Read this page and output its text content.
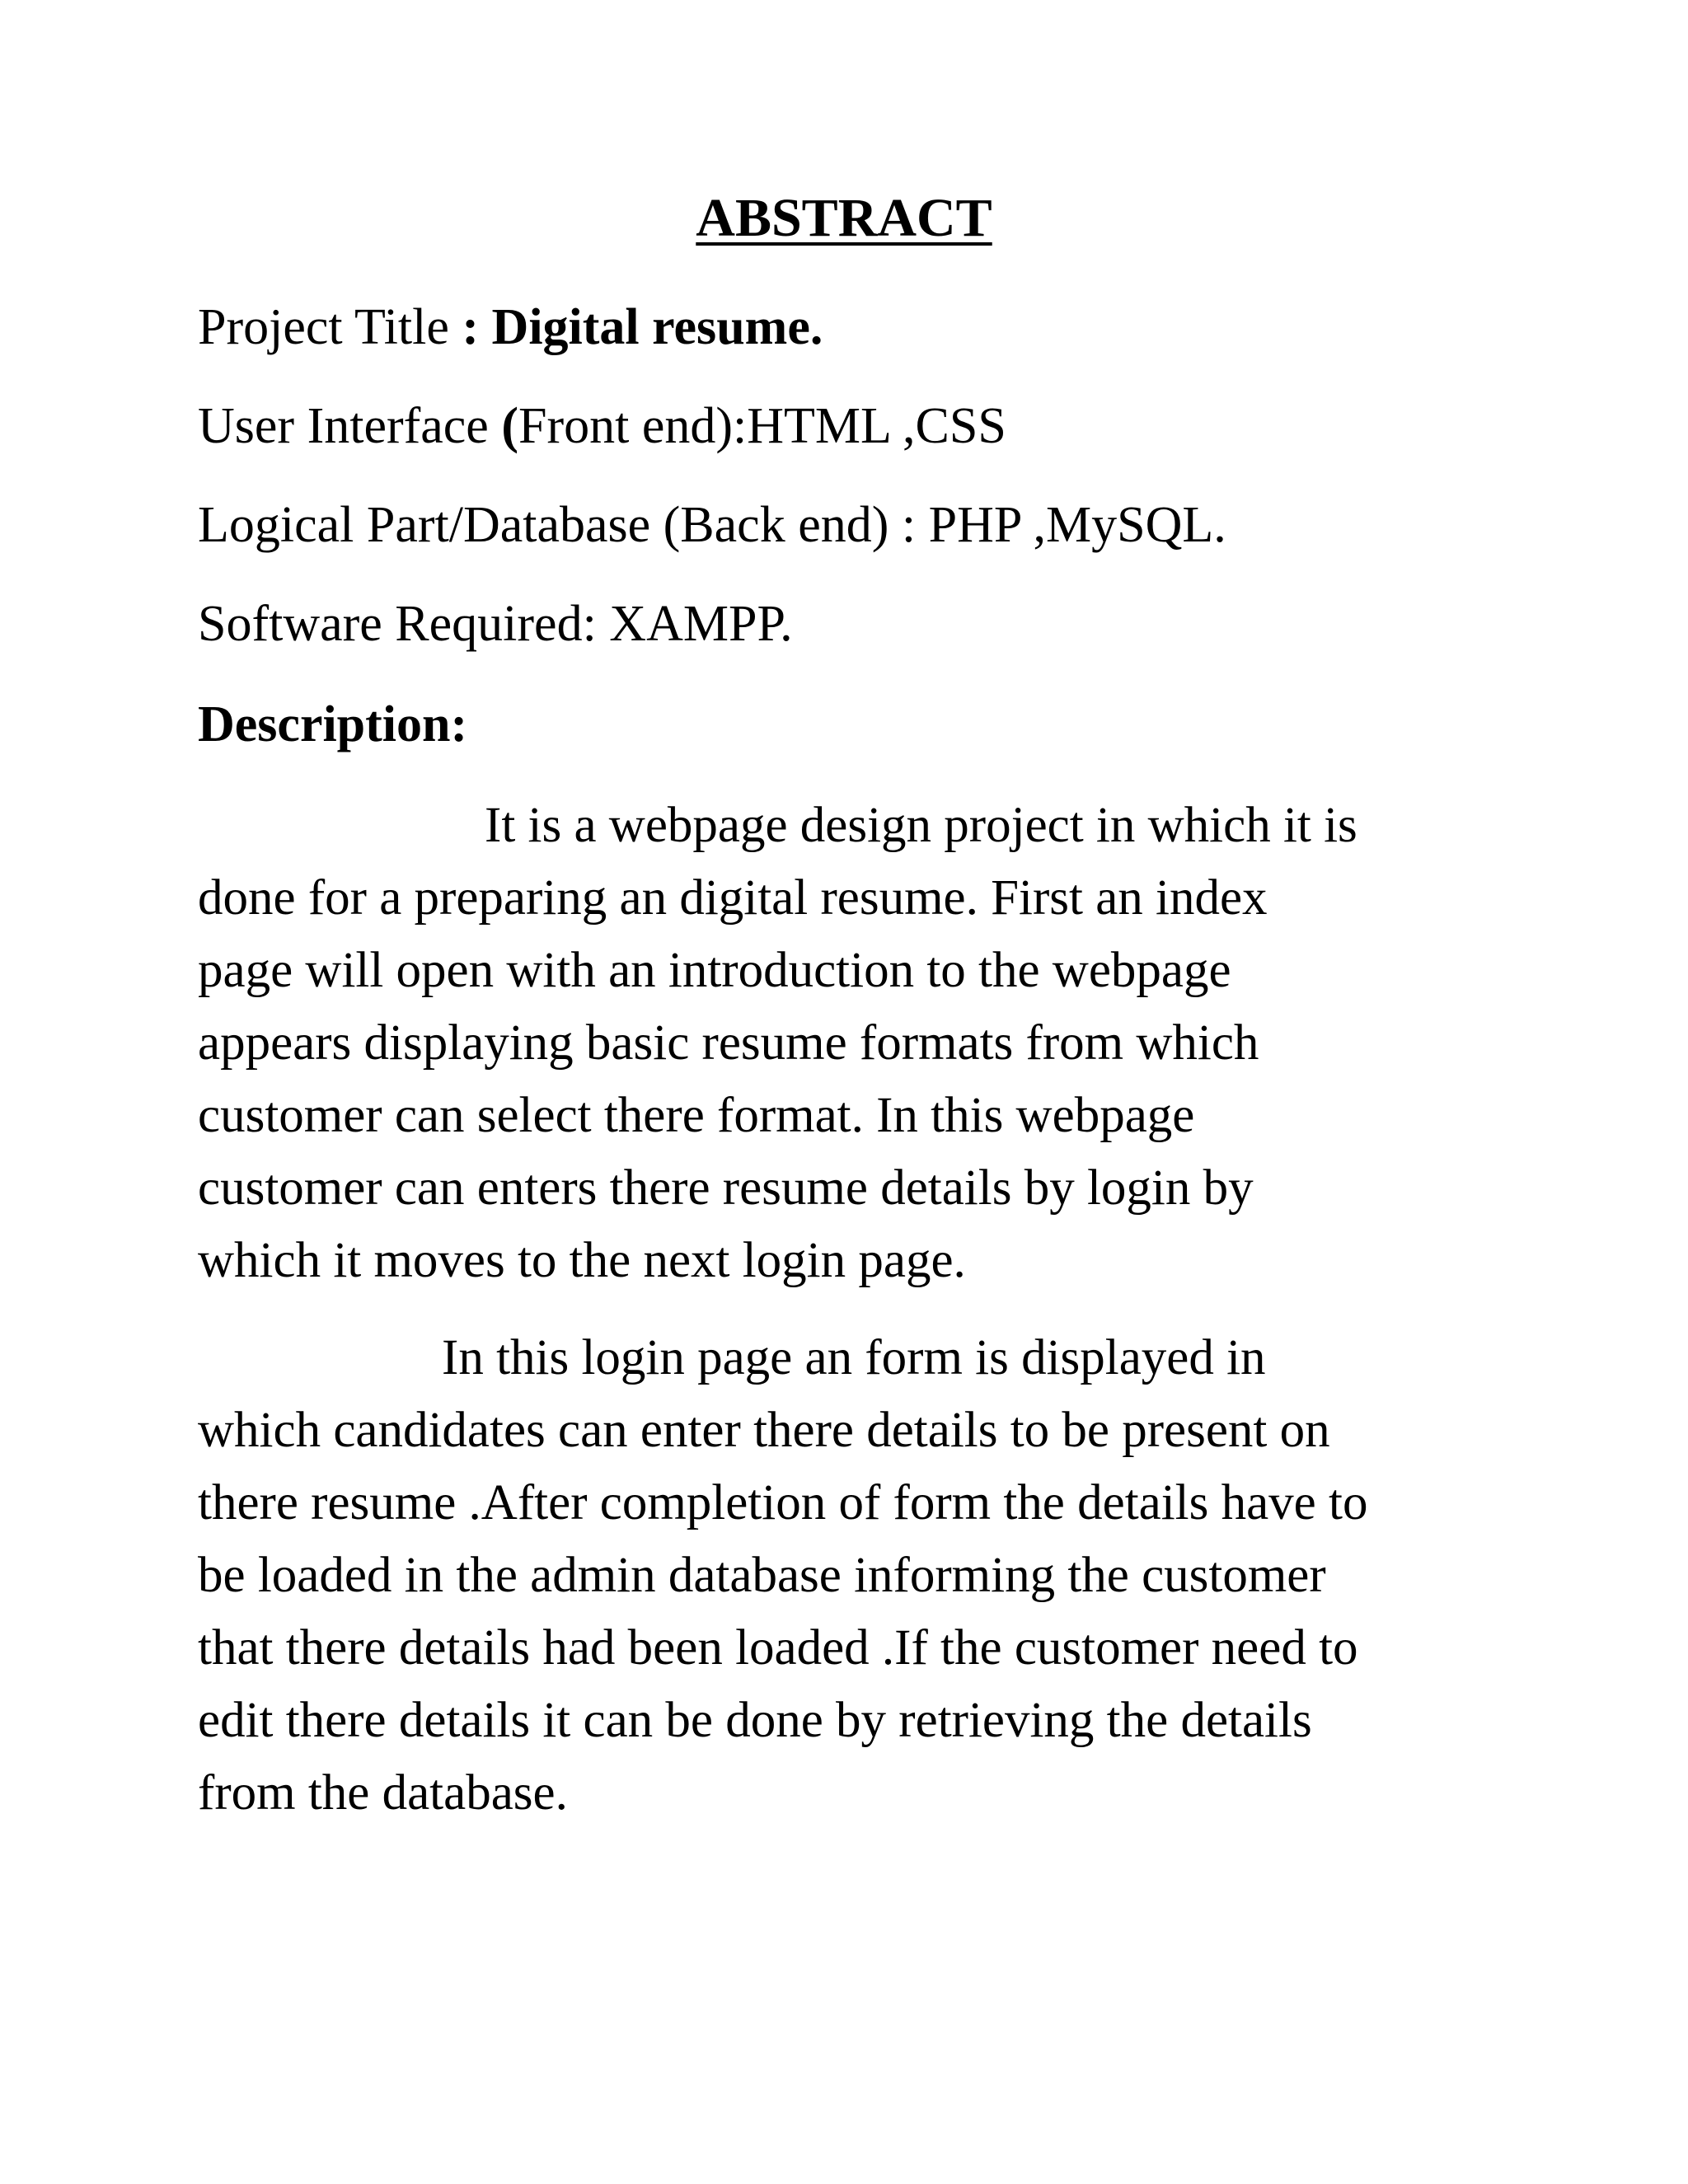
ABSTRACT

Project Title : Digital resume.

User Interface (Front end):HTML ,CSS

Logical Part/Database (Back end) : PHP ,MySQL.

Software Required: XAMPP.

Description:

It is a webpage design project in which it is
done for a preparing an digital resume. First an index
page will open with an introduction to the webpage
appears displaying basic resume formats from which
customer can select there format. In this webpage
customer can enters there resume details by login by
which it moves to the next login page.

In this login page an form is displayed in
which candidates can enter there details to be present on
there resume .After completion of form the details have to
be loaded in the admin database informing the customer
that there details had been loaded .If the customer need to
edit there details it can be done by retrieving the details
from the database.
